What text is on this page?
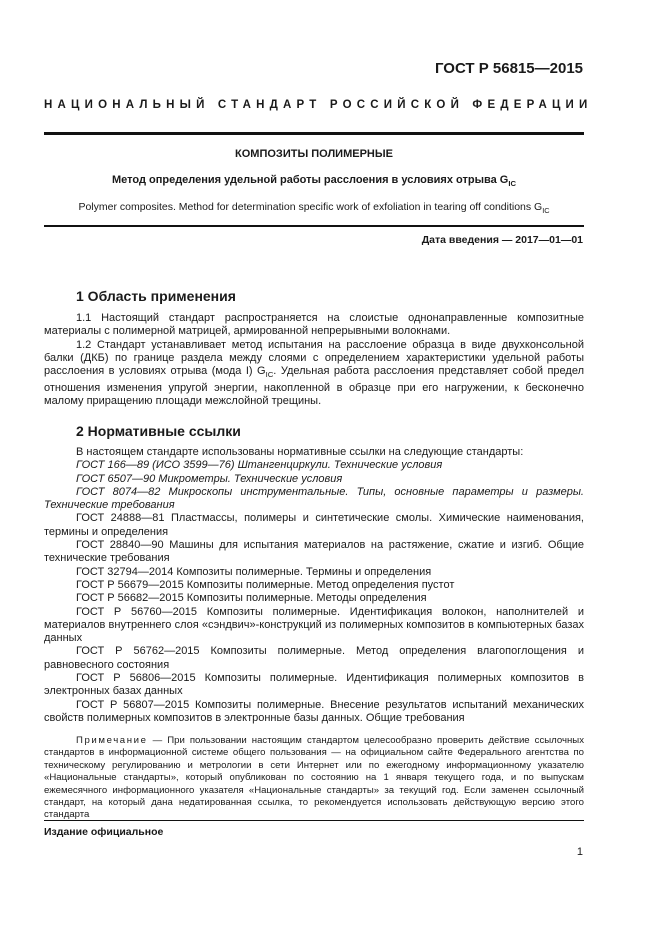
ГОСТ Р 56815—2015
НАЦИОНАЛЬНЫЙ СТАНДАРТ РОССИЙСКОЙ ФЕДЕРАЦИИ
КОМПОЗИТЫ ПОЛИМЕРНЫЕ
Метод определения удельной работы расслоения в условиях отрыва $G_{IC}$
Polymer composites. Method for determination specific work of exfoliation in tearing off conditions $G_{IC}$
Дата введения — 2017—01—01
1 Область применения

1.1 Настоящий стандарт распространяется на слоистые однонаправленные композитные материалы с полимерной матрицей, армированной непрерывными волокнами.

1.2 Стандарт устанавливает метод испытания на расслоение образца в виде двухконсольной балки (ДКБ) по границе раздела между слоями с определением характеристики удельной работы расслоения в условиях отрыва (мода I) $G_{IC}$. Удельная работа расслоения представляет собой предел отношения изменения упругой энергии, накопленной в образце при его нагружении, к бесконечно малому приращению площади межслойной трещины.

2 Нормативные ссылки

В настоящем стандарте использованы нормативные ссылки на следующие стандарты:

ГОСТ 166—89 (ИСО 3599—76) Штангенциркули. Технические условия

ГОСТ 6507—90 Микрометры. Технические условия

ГОСТ 8074—82 Микроскопы инструментальные. Типы, основные параметры и размеры. Технические требования

ГОСТ 24888—81 Пластмассы, полимеры и синтетические смолы. Химические наименования, термины и определения

ГОСТ 28840—90 Машины для испытания материалов на растяжение, сжатие и изгиб. Общие технические требования

ГОСТ 32794—2014 Композиты полимерные. Термины и определения

ГОСТ Р 56679—2015 Композиты полимерные. Метод определения пустот

ГОСТ Р 56682—2015 Композиты полимерные. Методы определения

ГОСТ Р 56760—2015 Композиты полимерные. Идентификация волокон, наполнителей и материалов внутреннего слоя «сэндвич»-конструкций из полимерных композитов в компьютерных базах данных

ГОСТ Р 56762—2015 Композиты полимерные. Метод определения влагопоглощения и равновесного состояния

ГОСТ Р 56806—2015 Композиты полимерные. Идентификация полимерных композитов в электронных базах данных

ГОСТ Р 56807—2015 Композиты полимерные. Внесение результатов испытаний механических свойств полимерных композитов в электронные базы данных. Общие требования

Примечание — При пользовании настоящим стандартом целесообразно проверить действие ссылочных стандартов в информационной системе общего пользования — на официальном сайте Федерального агентства по техническому регулированию и метрологии в сети Интернет или по ежегодному информационному указателю «Национальные стандарты», который опубликован по состоянию на 1 января текущего года, и по выпускам ежемесячного информационного указателя «Национальные стандарты» за текущий год. Если заменен ссылочный стандарт, на который дана недатированная ссылка, то рекомендуется использовать действующую версию этого стандарта

Издание официальное
1
